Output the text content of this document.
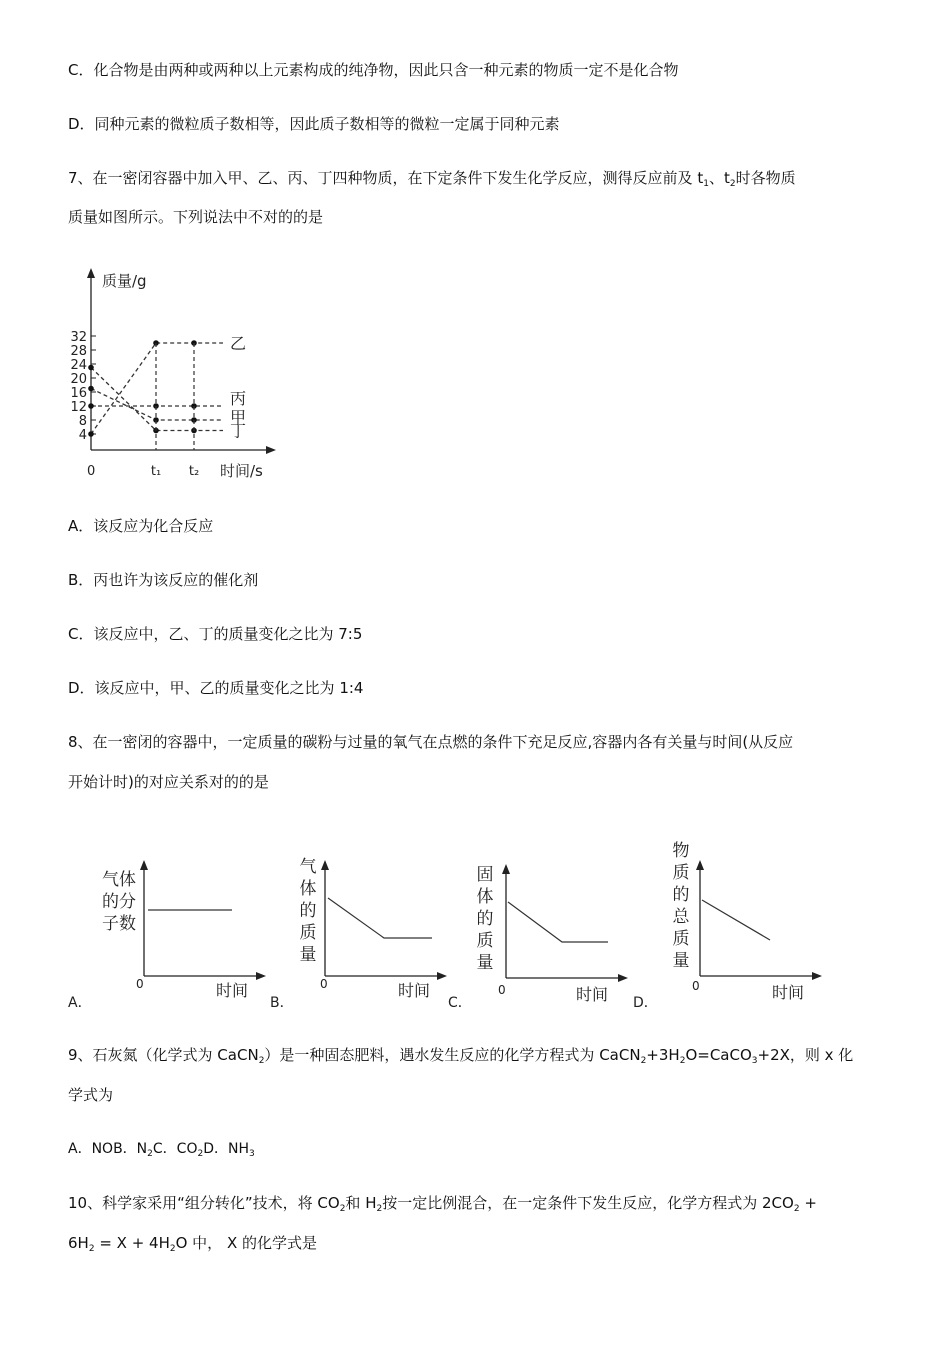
C．化合物是由两种或两种以上元素构成的纯净物，因此只含一种元素的物质一定不是化合物
D．同种元素的微粒质子数相等，因此质子数相等的微粒一定属于同种元素
7、在一密闭容器中加入甲、乙、丙、丁四种物质，在下定条件下发生化学反应，测得反应前及 $t_1$、$t_2$时各物质
质量如图所示。下列说法中不对的的是
质量/g
时间/s
0
4
8
12
16
20
24
28
32
t₁ t₂
乙
丙
甲
丁
A．该反应为化合反应
B．丙也许为该反应的催化剂
C．该反应中，乙、丁的质量变化之比为 7:5
D．该反应中，甲、乙的质量变化之比为 1:4
8、在一密闭的容器中，一定质量的碳粉与过量的氧气在点燃的条件下充足反应,容器内各有关量与时间(从反应
开始计时)的对应关系对的的是
时间
0
A．
气体
的分
子数
时间
0
B．
气
体
的
质
量
时间
0
C．
固
体
的
质
量
时间
0
D．
物
质
的
总
质
量
9、石灰氮（化学式为 CaCN$_2$）是一种固态肥料，遇水发生反应的化学方程式为 $CaCN_2+3H_2O=CaCO_3+2X$，则 x 化
学式为
A．NOB．$N_2C$．$CO_2D$．$NH_3$
10、科学家采用“组分转化”技术，将 $CO_2$和 $H_2$按一定比例混合，在一定条件下发生反应，化学方程式为 $2CO_2$ +
$6H_2 = X + 4H_2O$ 中， X 的化学式是
